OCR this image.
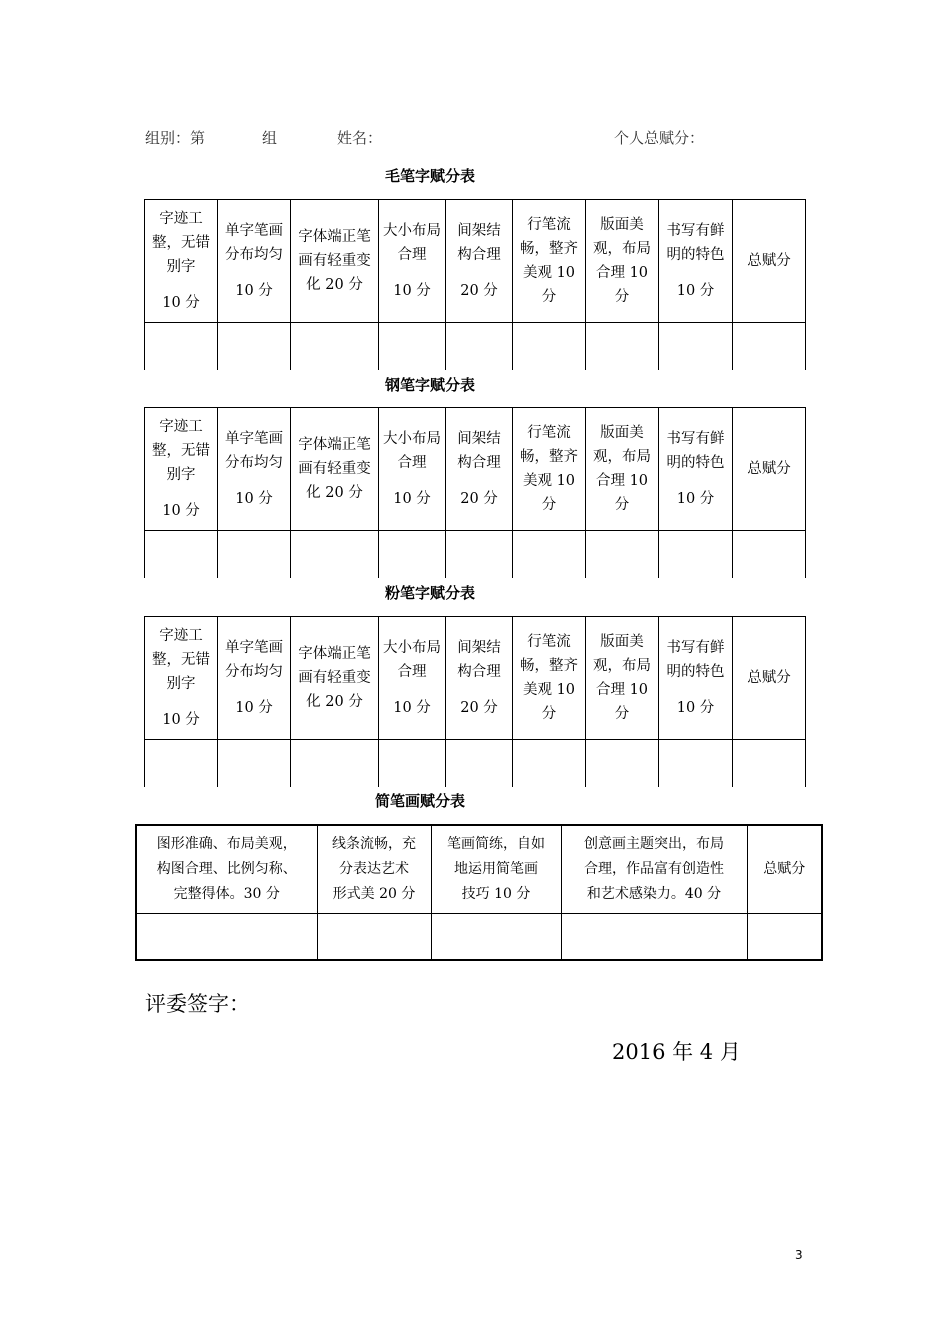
组别：第	组	姓名：	个人总赋分：
毛笔字赋分表
字迹工
整，无错
别字
10 分	单字笔画
分布均匀
10 分	字体端正笔
画有轻重变
化 20 分	大小布局
合理
10 分	间架结
构合理
20 分	行笔流
畅，整齐
美观 10
分	版面美
观，布局
合理 10
分	书写有鲜
明的特色
10 分	总赋分

钢笔字赋分表
字迹工
整，无错
别字
10 分	单字笔画
分布均匀
10 分	字体端正笔
画有轻重变
化 20 分	大小布局
合理
10 分	间架结
构合理
20 分	行笔流
畅，整齐
美观 10
分	版面美
观，布局
合理 10
分	书写有鲜
明的特色
10 分	总赋分

粉笔字赋分表
字迹工
整，无错
别字
10 分	单字笔画
分布均匀
10 分	字体端正笔
画有轻重变
化 20 分	大小布局
合理
10 分	间架结
构合理
20 分	行笔流
畅，整齐
美观 10
分	版面美
观，布局
合理 10
分	书写有鲜
明的特色
10 分	总赋分

简笔画赋分表
图形准确、布局美观，
构图合理、比例匀称、
完整得体。30 分	线条流畅，充
分表达艺术
形式美 20 分	笔画简练，自如
地运用简笔画
技巧 10 分	创意画主题突出，布局
合理，作品富有创造性
和艺术感染力。40 分	总赋分

评委签字：
2016 年 4 月
3
